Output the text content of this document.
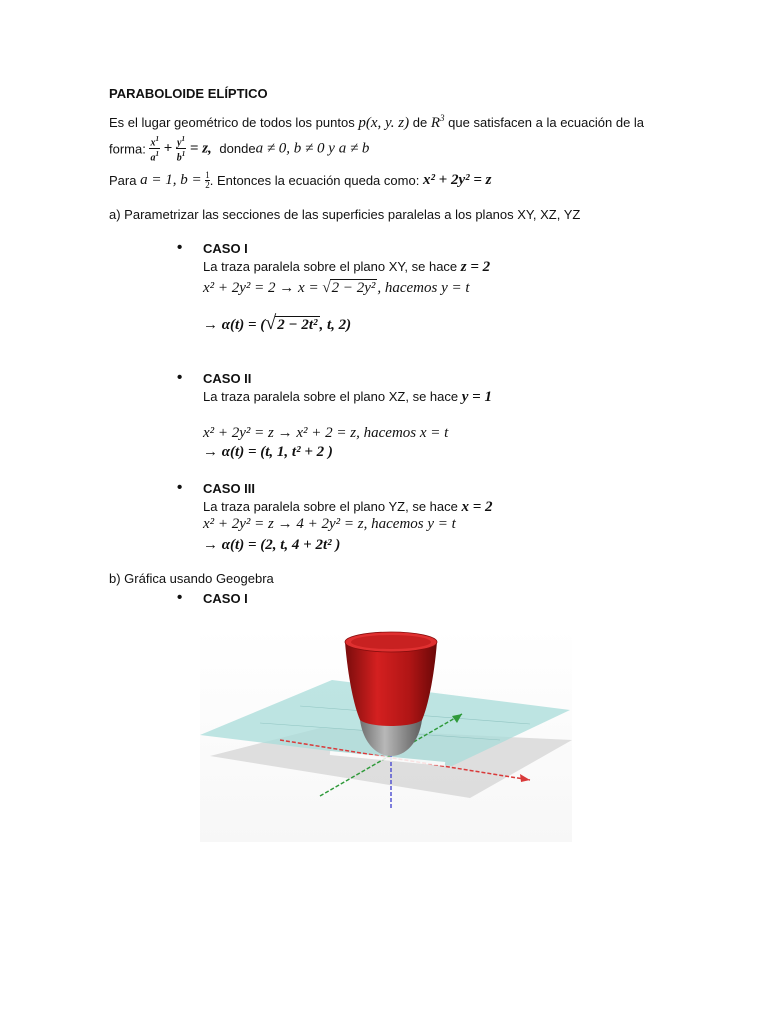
PARABOLOIDE ELÍPTICO
Es el lugar geométrico de todos los puntos p(x, y. z) de $R^3$ que satisfacen a la ecuación de la
forma: $\frac{x^1}{a^1} + \frac{y^1}{b^1} = z$, dondea ≠ 0, b ≠ 0 y a ≠ b
Para a = 1, $b = \frac{1}{2}$. Entonces la ecuación queda como: x² + 2y² = z
a) Parametrizar las secciones de las superficies paralelas a los planos XY, XZ, YZ
• CASO I
La traza paralela sobre el plano XY, se hace z = 2
x² + 2y² = 2 → x = √2 − 2y² , hacemos y = t
→ α(t) = (√2 − 2t² , t, 2)
• CASO II
La traza paralela sobre el plano XZ, se hace y = 1
x² + 2y² = z → x² + 2 = z, hacemos x = t
→ α(t) = (t, 1, t² + 2 )
• CASO III
La traza paralela sobre el plano YZ, se hace x = 2
x² + 2y² = z → 4 + 2y² = z, hacemos y = t
→ α(t) = (2, t, 4 + 2t² )
b) Gráfica usando Geogebra
• CASO I
